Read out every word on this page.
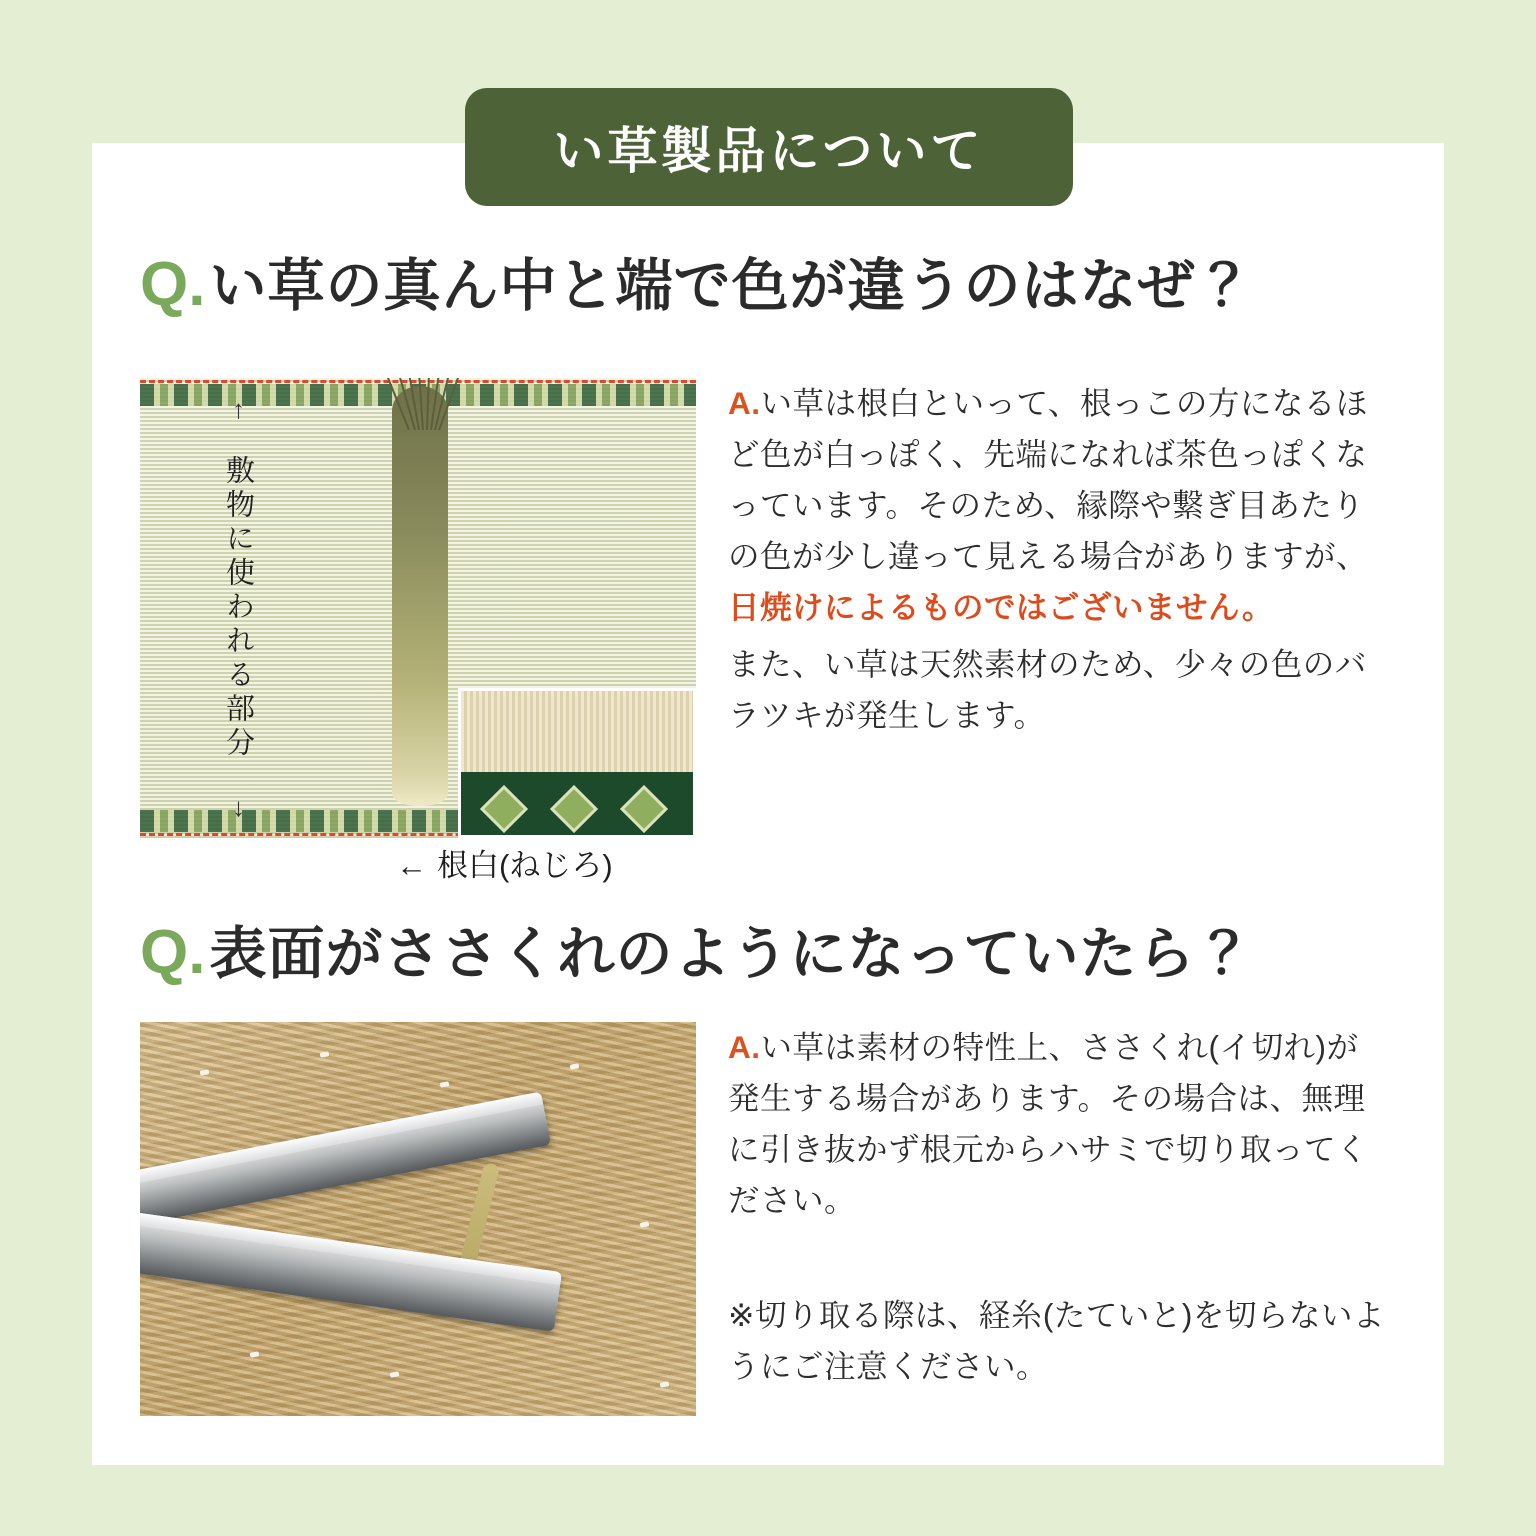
い草製品について
Q. い草の真ん中と端で色が違うのはなぜ？
↑
敷物に使われる部分
↓
← 根白(ねじろ)

A.い草は根白といって、根っこの方になるほど色が白っぽく、先端になれば茶色っぽくなっています。そのため、縁際や繋ぎ目あたりの色が少し違って見える場合がありますが、日焼けによるものではございません。

また、い草は天然素材のため、少々の色のバラツキが発生します。

Q. 表面がささくれのようになっていたら？

A.い草は素材の特性上、ささくれ(イ切れ)が発生する場合があります。その場合は、無理に引き抜かず根元からハサミで切り取ってください。

※切り取る際は、経糸(たていと)を切らないようにご注意ください。
